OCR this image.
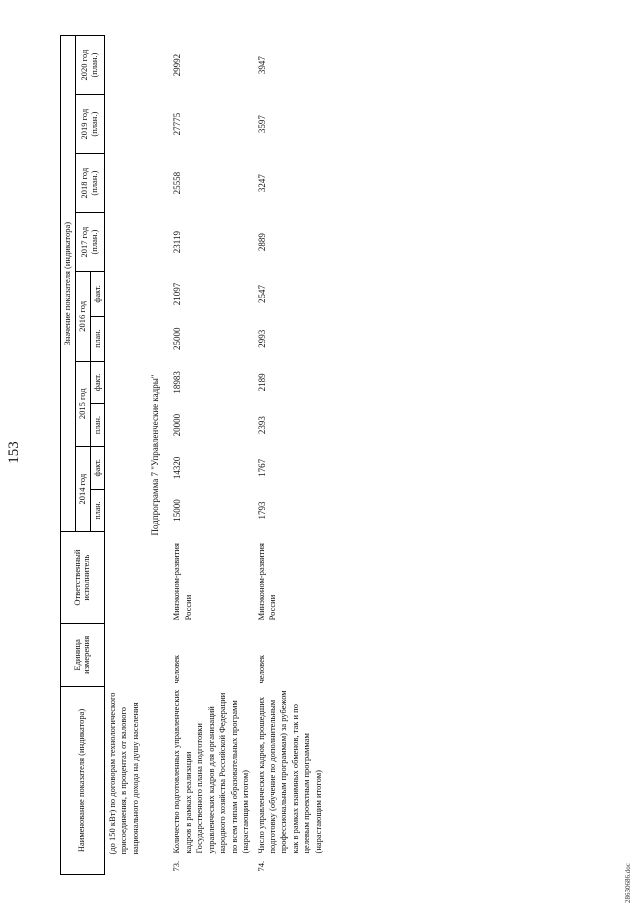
153
Наименование показателя (индикатора)	Единица измерения	Ответственный исполнитель	Значение показателя (индикатора)									
			2014 год		2015 год		2016 год		2017 год (план.)	2018 год (план.)	2019 год (план.)	2020 год (план.)
			план.	факт.	план.	факт.	план.	факт.				
(до 150 кВт) по договорам технологического присоединения, в процентах от валового национального дохода на душу населения												
Подпрограмма 7 "Управленческие кадры"												

73.
Количество подготовленных управленческих кадров в рамках реализации Государственного плана подготовки управленческих кадров для организаций народного хозяйства Российской Федерации по всем типам образовательных программ (нарастающим итогом)	человек	Минэконом-развития России	15000	14320	20000	18983	25000	21097	23119	25558	27775	29992

74.
Число управленческих кадров, прошедших подготовку (обучение по дополнительным профессиональным программам) за рубежом как в рамках взаимных обменов, так и по целевым проектным программам (нарастающим итогом)	человек	Минэконом-развития России	1793	1767	2393	2189	2993	2547	2889	3247	3597	3947
28630686.doc
